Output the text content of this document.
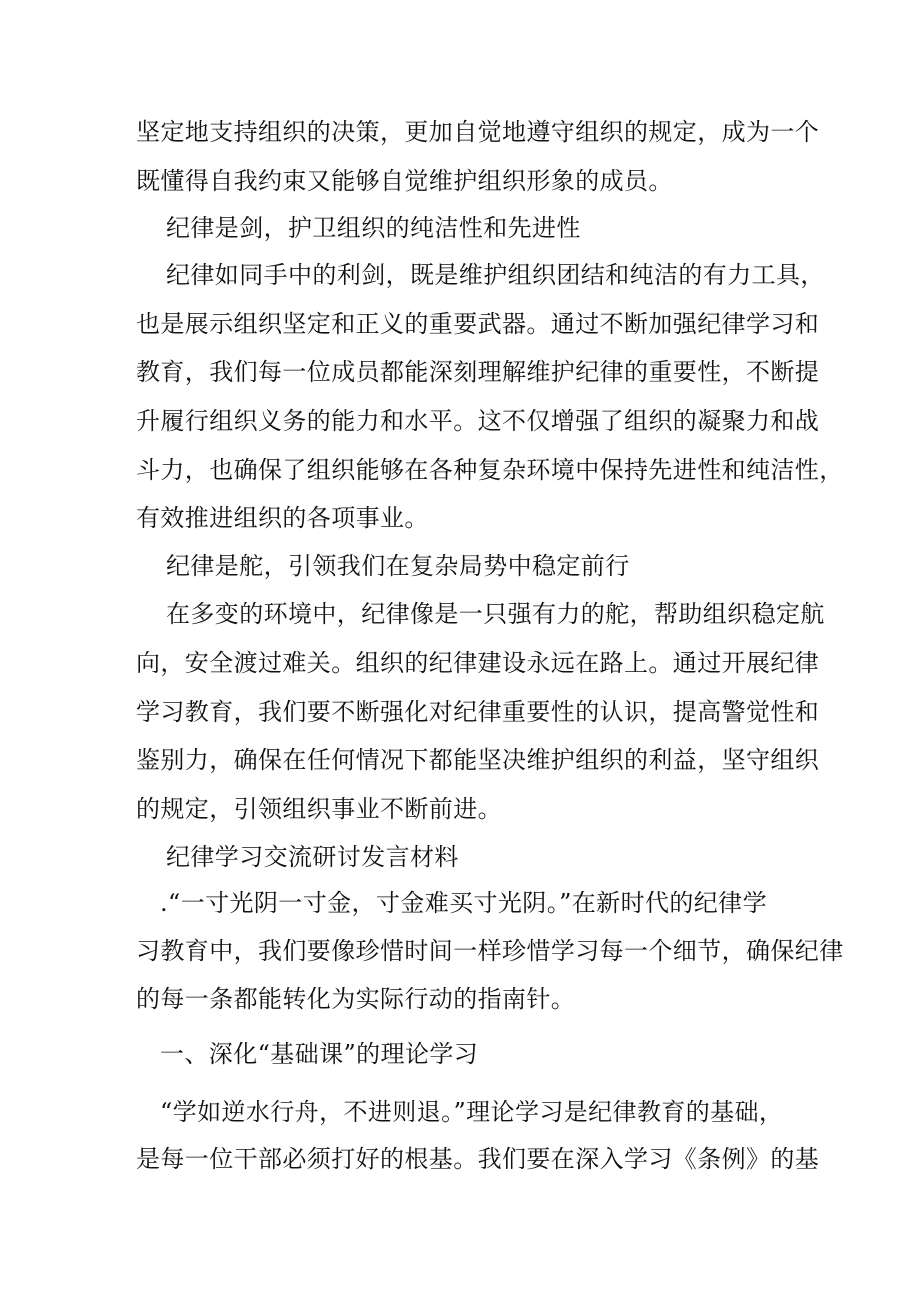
坚定地支持组织的决策，更加自觉地遵守组织的规定，成为一个
既懂得自我约束又能够自觉维护组织形象的成员。
纪律是剑，护卫组织的纯洁性和先进性
纪律如同手中的利剑，既是维护组织团结和纯洁的有力工具，
也是展示组织坚定和正义的重要武器。通过不断加强纪律学习和
教育，我们每一位成员都能深刻理解维护纪律的重要性，不断提
升履行组织义务的能力和水平。这不仅增强了组织的凝聚力和战
斗力，也确保了组织能够在各种复杂环境中保持先进性和纯洁性，
有效推进组织的各项事业。
纪律是舵，引领我们在复杂局势中稳定前行
在多变的环境中，纪律像是一只强有力的舵，帮助组织稳定航
向，安全渡过难关。组织的纪律建设永远在路上。通过开展纪律
学习教育，我们要不断强化对纪律重要性的认识，提高警觉性和
鉴别力，确保在任何情况下都能坚决维护组织的利益，坚守组织
的规定，引领组织事业不断前进。
纪律学习交流研讨发言材料
.“一寸光阴一寸金，寸金难买寸光阴。”在新时代的纪律学
习教育中，我们要像珍惜时间一样珍惜学习每一个细节，确保纪律
的每一条都能转化为实际行动的指南针。
一、深化“基础课”的理论学习
“学如逆水行舟，不进则退。”理论学习是纪律教育的基础，
是每一位干部必须打好的根基。我们要在深入学习《条例》的基
